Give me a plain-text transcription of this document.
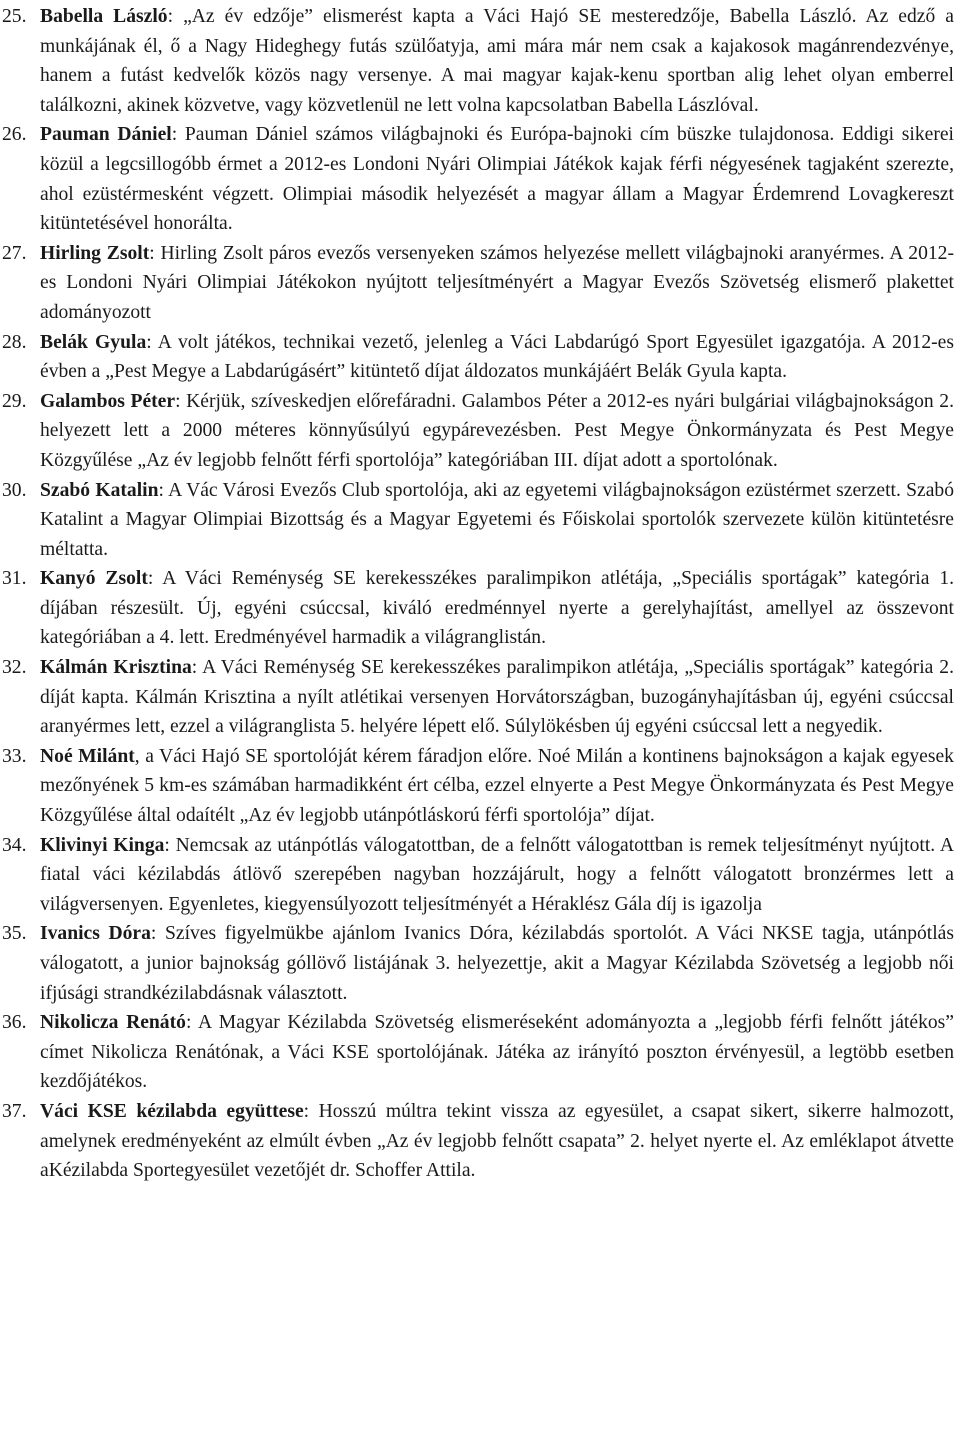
25. Babella László: „Az év edzője” elismerést kapta a Váci Hajó SE mesteredzője, Babella László. Az edző a munkájának él, ő a Nagy Hideghegy futás szülőatyja, ami mára már nem csak a kajakosok magánrendezvénye, hanem a futást kedvelők közös nagy versenye. A mai magyar kajak-kenu sportban alig lehet olyan emberrel találkozni, akinek közvetve, vagy közvetlenül ne lett volna kapcsolatban Babella Lászlóval.
26. Pauman Dániel: Pauman Dániel számos világbajnoki és Európa-bajnoki cím büszke tulajdonosa. Eddigi sikerei közül a legcsillogóbb érmet a 2012-es Londoni Nyári Olimpiai Játékok kajak férfi négyesének tagjaként szerezte, ahol ezüstérmesként végzett. Olimpiai második helyezését a magyar állam a Magyar Érdemrend Lovagkereszt kitüntetésével honorálta.
27. Hirling Zsolt: Hirling Zsolt páros evezős versenyeken számos helyezése mellett világbajnoki aranyérmes. A 2012-es Londoni Nyári Olimpiai Játékokon nyújtott teljesítményért a Magyar Evezős Szövetség elismerő plakettet adományozott
28. Belák Gyula: A volt játékos, technikai vezető, jelenleg a Váci Labdarúgó Sport Egyesület igazgatója. A 2012-es évben a „Pest Megye a Labdarúgásért” kitüntető díjat áldozatos munkájáért Belák Gyula kapta.
29. Galambos Péter: Kérjük, szíveskedjen előrefáradni. Galambos Péter a 2012-es nyári bulgáriai világbajnokságon 2. helyezett lett a 2000 méteres könnyűsúlyú egypárevezésben. Pest Megye Önkormányzata és Pest Megye Közgyűlése „Az év legjobb felnőtt férfi sportolója” kategóriában III. díjat adott a sportolónak.
30. Szabó Katalin: A Vác Városi Evezős Club sportolója, aki az egyetemi világbajnokságon ezüstérmet szerzett. Szabó Katalint a Magyar Olimpiai Bizottság és a Magyar Egyetemi és Főiskolai sportolók szervezete külön kitüntetésre méltatta.
31. Kanyó Zsolt: A Váci Reménység SE kerekesszékes paralimpikon atlétája, „Speciális sportágak” kategória 1. díjában részesült. Új, egyéni csúccsal, kiváló eredménnyel nyerte a gerelyhajítást, amellyel az összevont kategóriában a 4. lett. Eredményével harmadik a világranglistán.
32. Kálmán Krisztina: A Váci Reménység SE kerekesszékes paralimpikon atlétája, „Speciális sportágak” kategória 2. díját kapta. Kálmán Krisztina a nyílt atlétikai versenyen Horvátországban, buzogányhajításban új, egyéni csúccsal aranyérmes lett, ezzel a világranglista 5. helyére lépett elő. Súlylökésben új egyéni csúccsal lett a negyedik.
33. Noé Milánt, a Váci Hajó SE sportolóját kérem fáradjon előre. Noé Milán a kontinens bajnokságon a kajak egyesek mezőnyének 5 km-es számában harmadikként ért célba, ezzel elnyerte a Pest Megye Önkormányzata és Pest Megye Közgyűlése által odaítélt „Az év legjobb utánpótláskorú férfi sportolója” díjat.
34. Klivinyi Kinga: Nemcsak az utánpótlás válogatottban, de a felnőtt válogatottban is remek teljesítményt nyújtott. A fiatal váci kézilabdás átlövő szerepében nagyban hozzájárult, hogy a felnőtt válogatott bronzérmes lett a világversenyen. Egyenletes, kiegyensúlyozott teljesítményét a Héraklész Gála díj is igazolja
35. Ivanics Dóra: Szíves figyelmükbe ajánlom Ivanics Dóra, kézilabdás sportolót. A Váci NKSE tagja, utánpótlás válogatott, a junior bajnokság góllövő listájának 3. helyezettje, akit a Magyar Kézilabda Szövetség a legjobb női ifjúsági strandkézilabdásnak választott.
36. Nikolicza Renátó: A Magyar Kézilabda Szövetség elismeréseként adományozta a „legjobb férfi felnőtt játékos” címet Nikolicza Renátónak, a Váci KSE sportolójának. Játéka az irányító poszton érvényesül, a legtöbb esetben kezdőjátékos.
37. Váci KSE kézilabda együttese: Hosszú múltra tekint vissza az egyesület, a csapat sikert, sikerre halmozott, amelynek eredményeként az elmúlt évben „Az év legjobb felnőtt csapata” 2. helyet nyerte el. Az emléklapot átvette aKézilabda Sportegyesület vezetőjét dr. Schoffer Attila.
